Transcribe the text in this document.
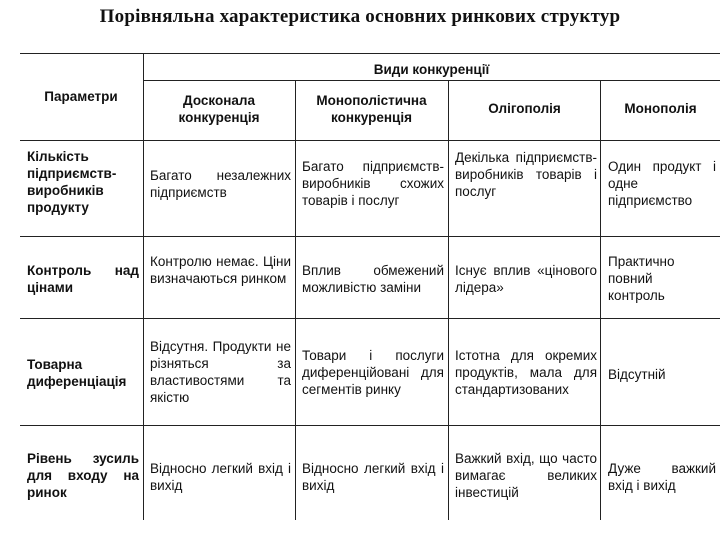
Порівняльна характеристика основних ринкових структур
Параметри
Види конкуренції
Досконала конкуренція
Монополістична конкуренція
Олігополія	Монополія
Кількість підприємств-виробників продукту
Багато незалежних підприємств
Багато підприємств-виробників схожих товарів і послуг
Декілька підприємств-виробників товарів і послуг
Один продукт і одне підприємство
Контроль над цінами
Контролю немає. Ціни визначаються ринком
Вплив обмежений можливістю заміни
Існує вплив «цінового лідера»
Практично повний контроль
Товарна диференціація
Відсутня. Продукти не різняться за властивостями та якістю
Товари і послуги диференційовані для сегментів ринку
Істотна для окремих продуктів, мала для стандартизованих
Відсутній
Рівень зусиль для входу на ринок
Відносно легкий вхід і вихід
Відносно легкий вхід і вихід
Важкий вхід, що часто вимагає великих інвестицій
Дуже важкий вхід і вихід
